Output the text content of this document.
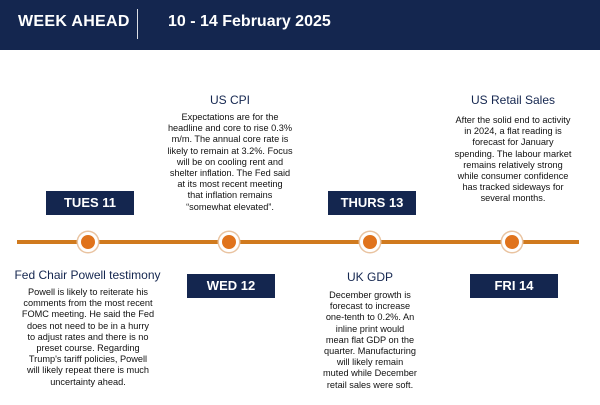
WEEK AHEAD 10 - 14 February 2025
TUES 11
WED 12
THURS 13
FRI 14
Fed Chair Powell testimony
Powell is likely to reiterate his
comments from the most recent
FOMC meeting. He said the Fed
does not need to be in a hurry
to adjust rates and there is no
preset course. Regarding
Trump's tariff policies, Powell
will likely repeat there is much
uncertainty ahead.
US CPI
Expectations are for the
headline and core to rise 0.3%
m/m. The annual core rate is
likely to remain at 3.2%. Focus
will be on cooling rent and
shelter inflation. The Fed said
at its most recent meeting
that inflation remains
“somewhat elevated”.
UK GDP
December growth is
forecast to increase
one-tenth to 0.2%. An
inline print would
mean flat GDP on the
quarter. Manufacturing
will likely remain
muted while December
retail sales were soft.
US Retail Sales
After the solid end to activity
in 2024, a flat reading is
forecast for January
spending. The labour market
remains relatively strong
while consumer confidence
has tracked sideways for
several months.
